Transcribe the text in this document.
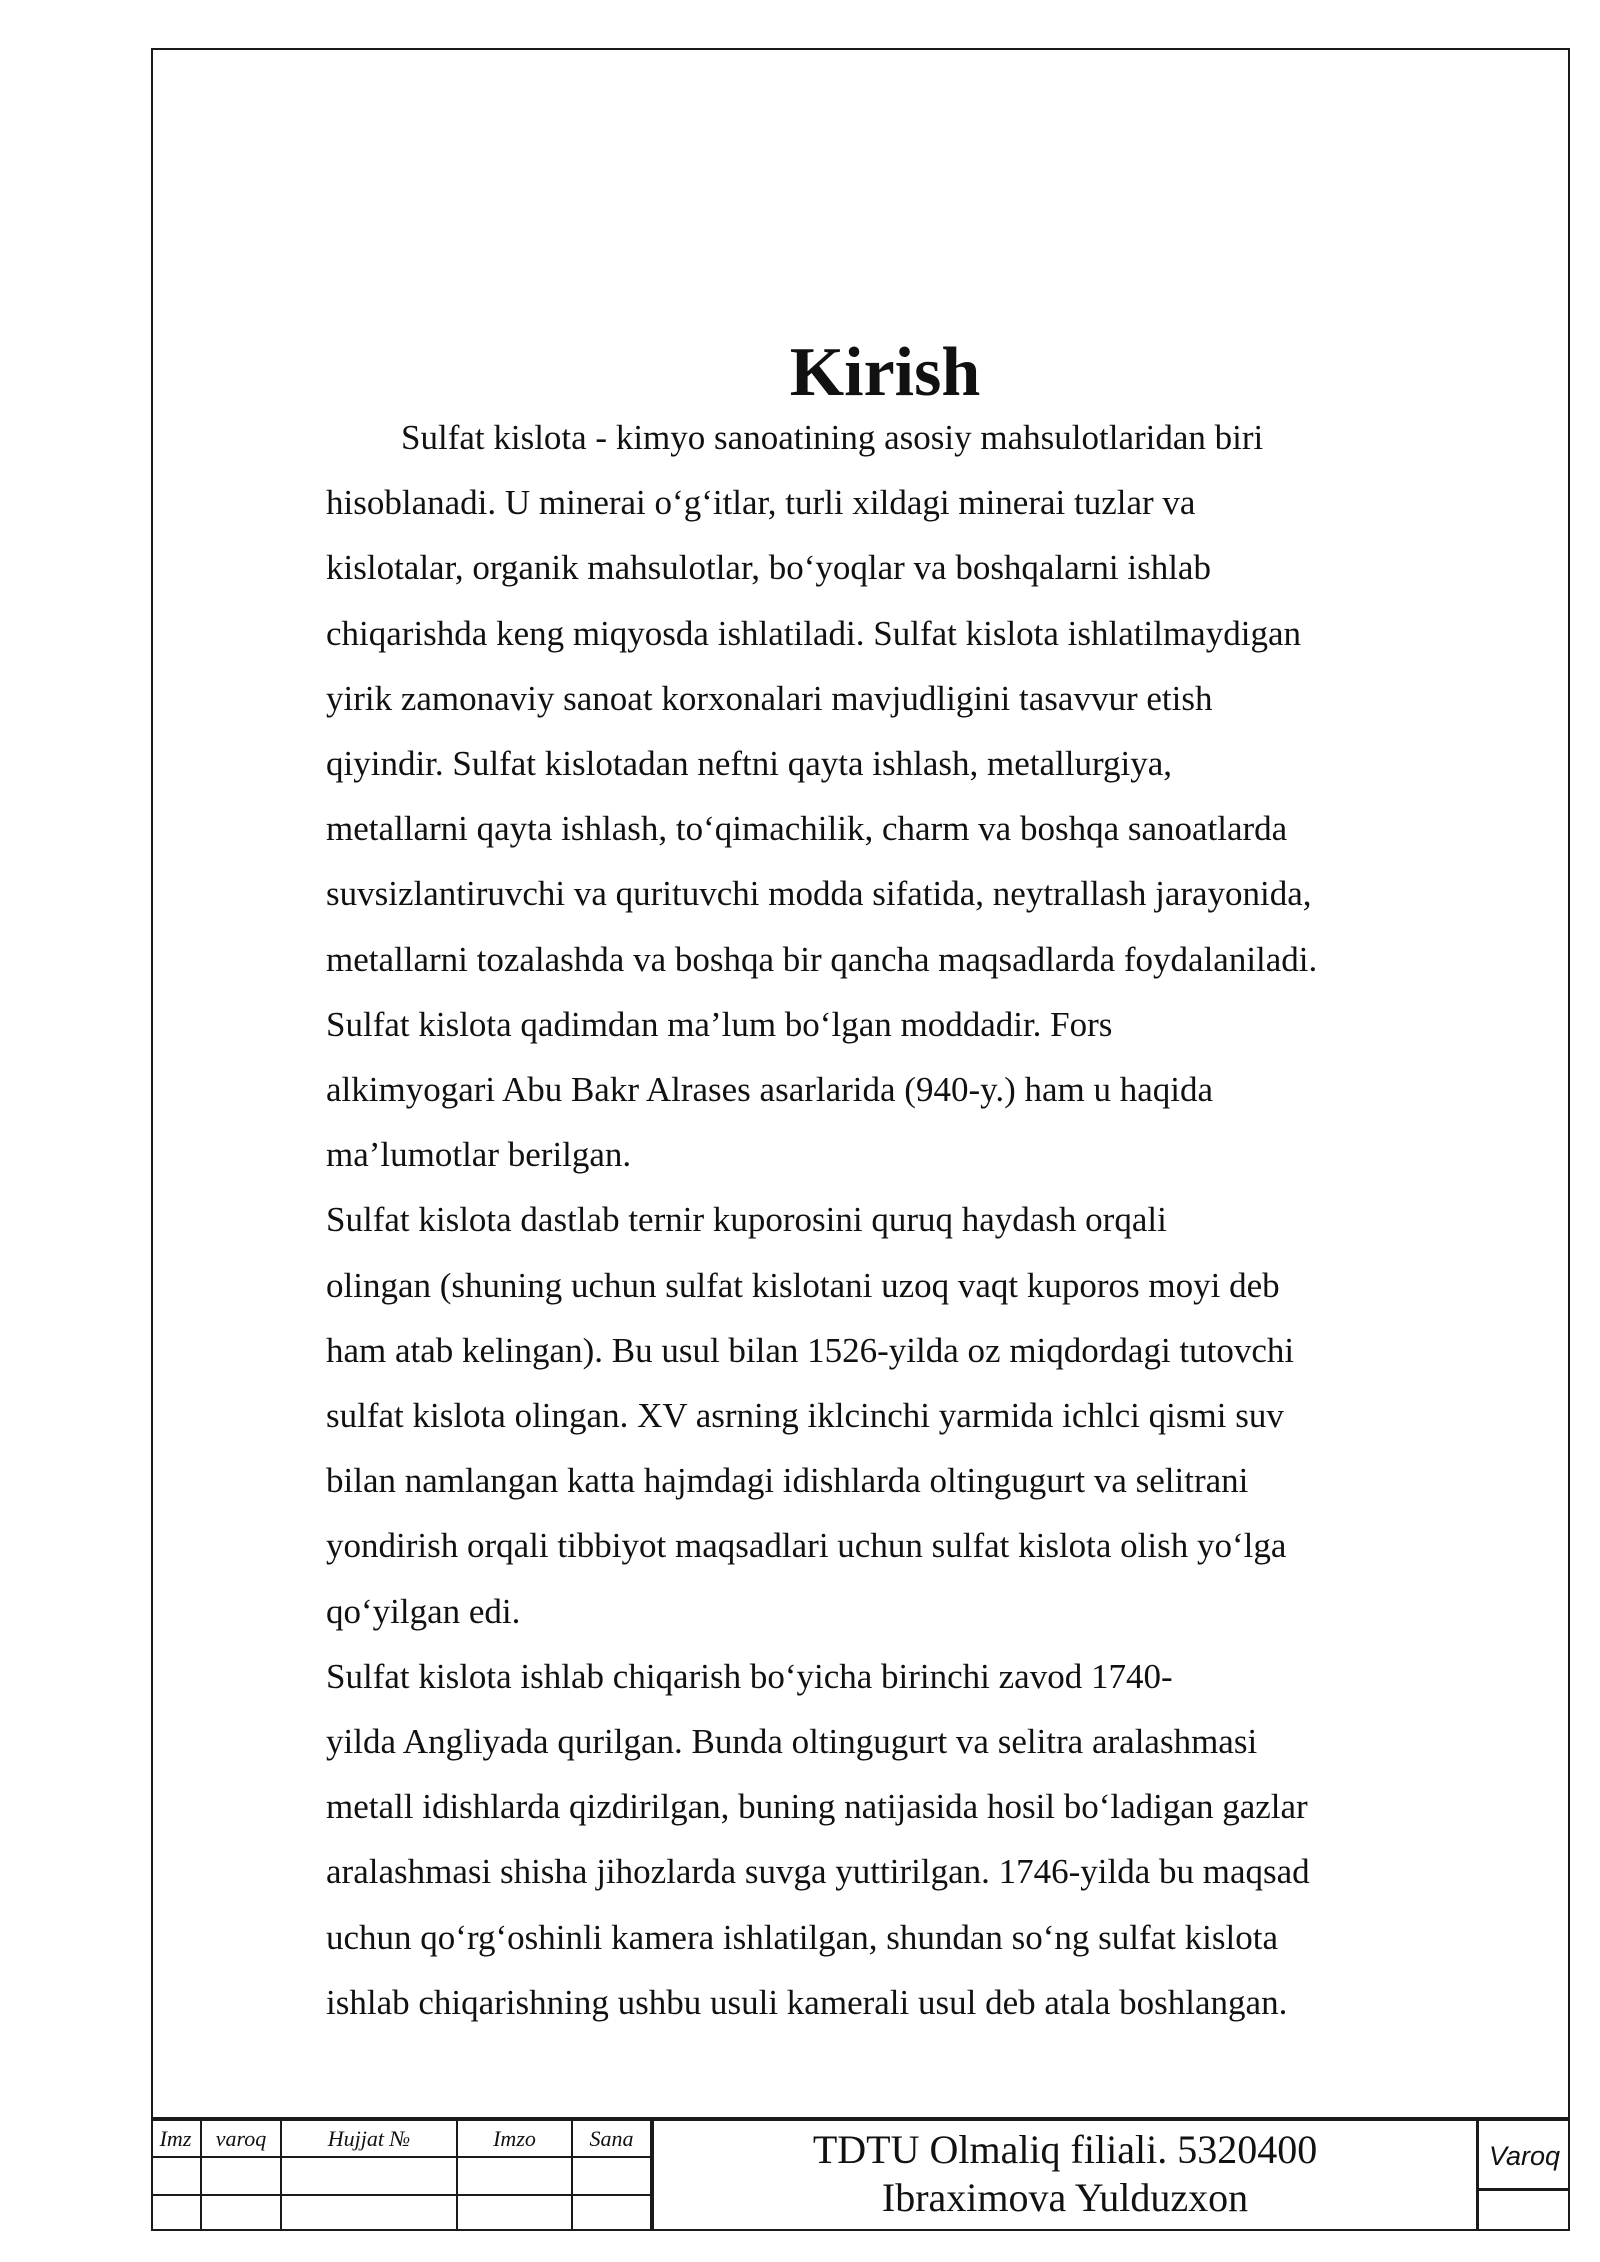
Kirish

Sulfat kislota - kimyo sanoatining asosiy mahsulotlaridan biri
hisoblanadi. U minerai o‘g‘itlar, turli xildagi minerai tuzlar va
kislotalar, organik mahsulotlar, bo‘yoqlar va boshqalarni ishlab
chiqarishda keng miqyosda ishlatiladi. Sulfat kislota ishlatilmaydigan
yirik zamonaviy sanoat korxonalari mavjudligini tasavvur etish
qiyindir. Sulfat kislotadan neftni qayta ishlash, metallurgiya,
metallarni qayta ishlash, to‘qimachilik, charm va boshqa sanoatlarda
suvsizlantiruvchi va qurituvchi modda sifatida, neytrallash jarayonida,
metallarni tozalashda va boshqa bir qancha maqsadlarda foydalaniladi.
Sulfat kislota qadimdan ma’lum bo‘lgan moddadir. Fors
alkimyogari Abu Bakr Alrases asarlarida (940-y.) ham u haqida
ma’lumotlar berilgan.

Sulfat kislota dastlab ternir kuporosini quruq haydash orqali
olingan (shuning uchun sulfat kislotani uzoq vaqt kuporos moyi deb
ham atab kelingan). Bu usul bilan 1526-yilda oz miqdordagi tutovchi
sulfat kislota olingan. XV asrning iklcinchi yarmida ichlci qismi suv
bilan namlangan katta hajmdagi idishlarda oltingugurt va selitrani
yondirish orqali tibbiyot maqsadlari uchun sulfat kislota olish yo‘lga
qo‘yilgan edi.

Sulfat kislota ishlab chiqarish bo‘yicha birinchi zavod 1740-
yilda Angliyada qurilgan. Bunda oltingugurt va selitra aralashmasi
metall idishlarda qizdirilgan, buning natijasida hosil bo‘ladigan gazlar
aralashmasi shisha jihozlarda suvga yuttirilgan. 1746-yilda bu maqsad
uchun qo‘rg‘oshinli kamera ishlatilgan, shundan so‘ng sulfat kislota
ishlab chiqarishning ushbu usuli kamerali usul deb atala boshlangan.

Imz	varoq	Hujjat №	Imzo	Sana

					TDTU Olmaliq filiali. 5320400
Ibraximova Yulduzxon
Varoq
